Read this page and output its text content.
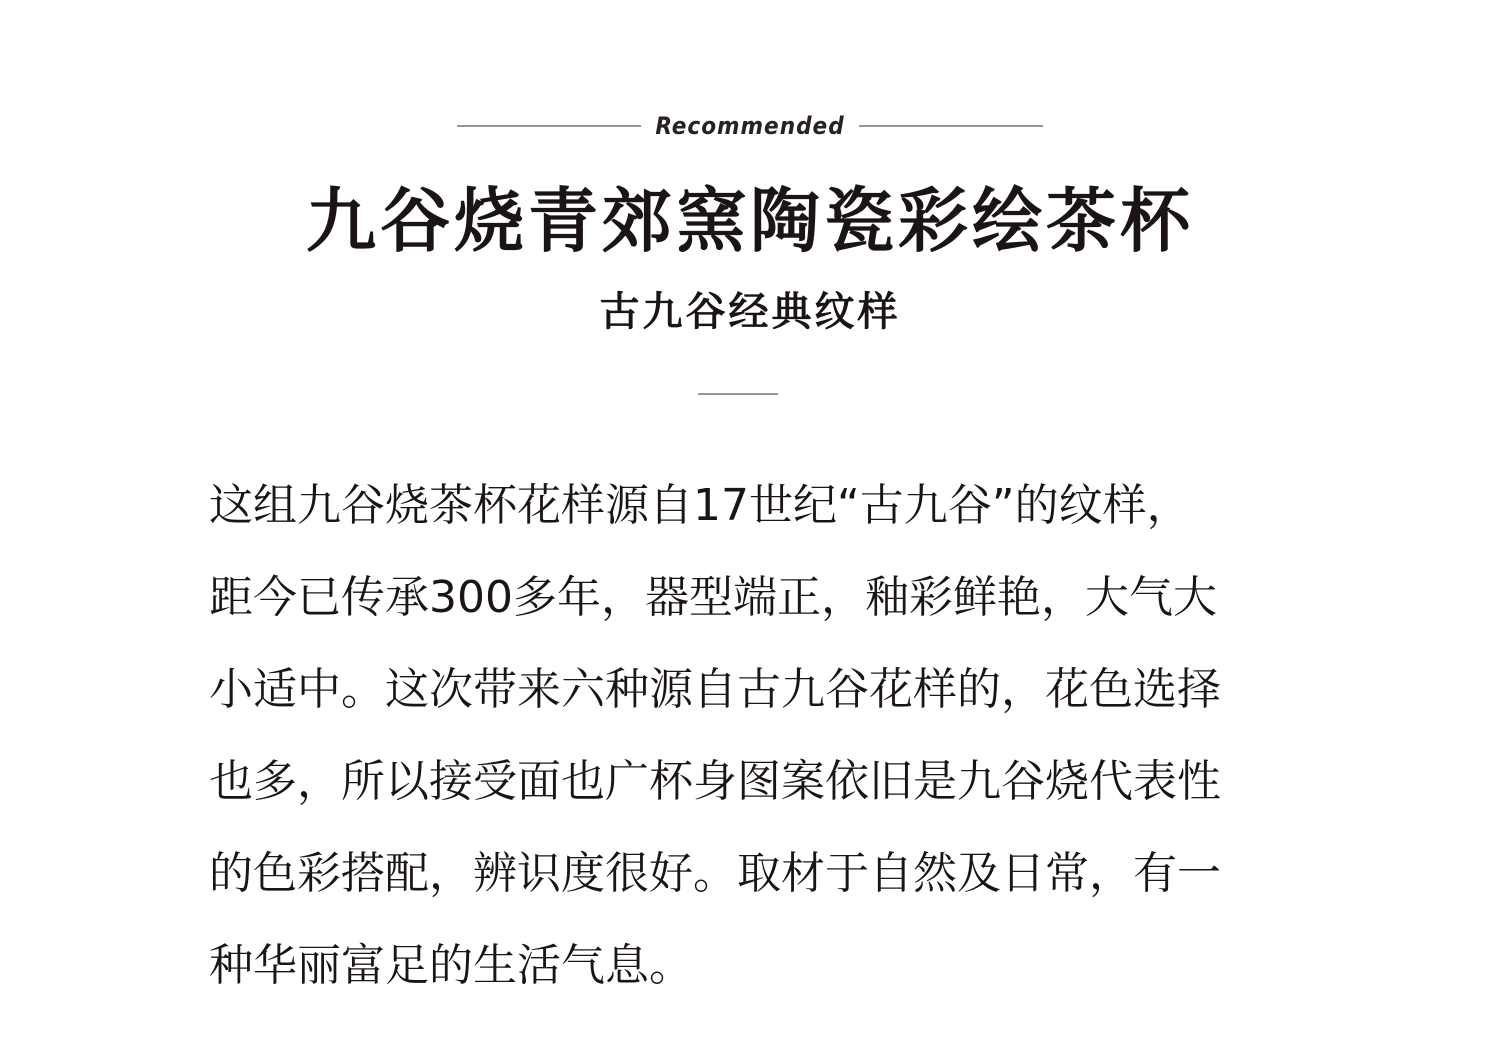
Recommended
九谷烧青郊窯陶瓷彩绘茶杯
古九谷经典纹样

这组九谷烧茶杯花样源自17世纪“古九谷”的纹样，
距今已传承300多年，器型端正，釉彩鲜艳，大气大
小适中。这次带来六种源自古九谷花样的，花色选择
也多，所以接受面也广杯身图案依旧是九谷烧代表性
的色彩搭配，辨识度很好。取材于自然及日常，有一
种华丽富足的生活气息。
